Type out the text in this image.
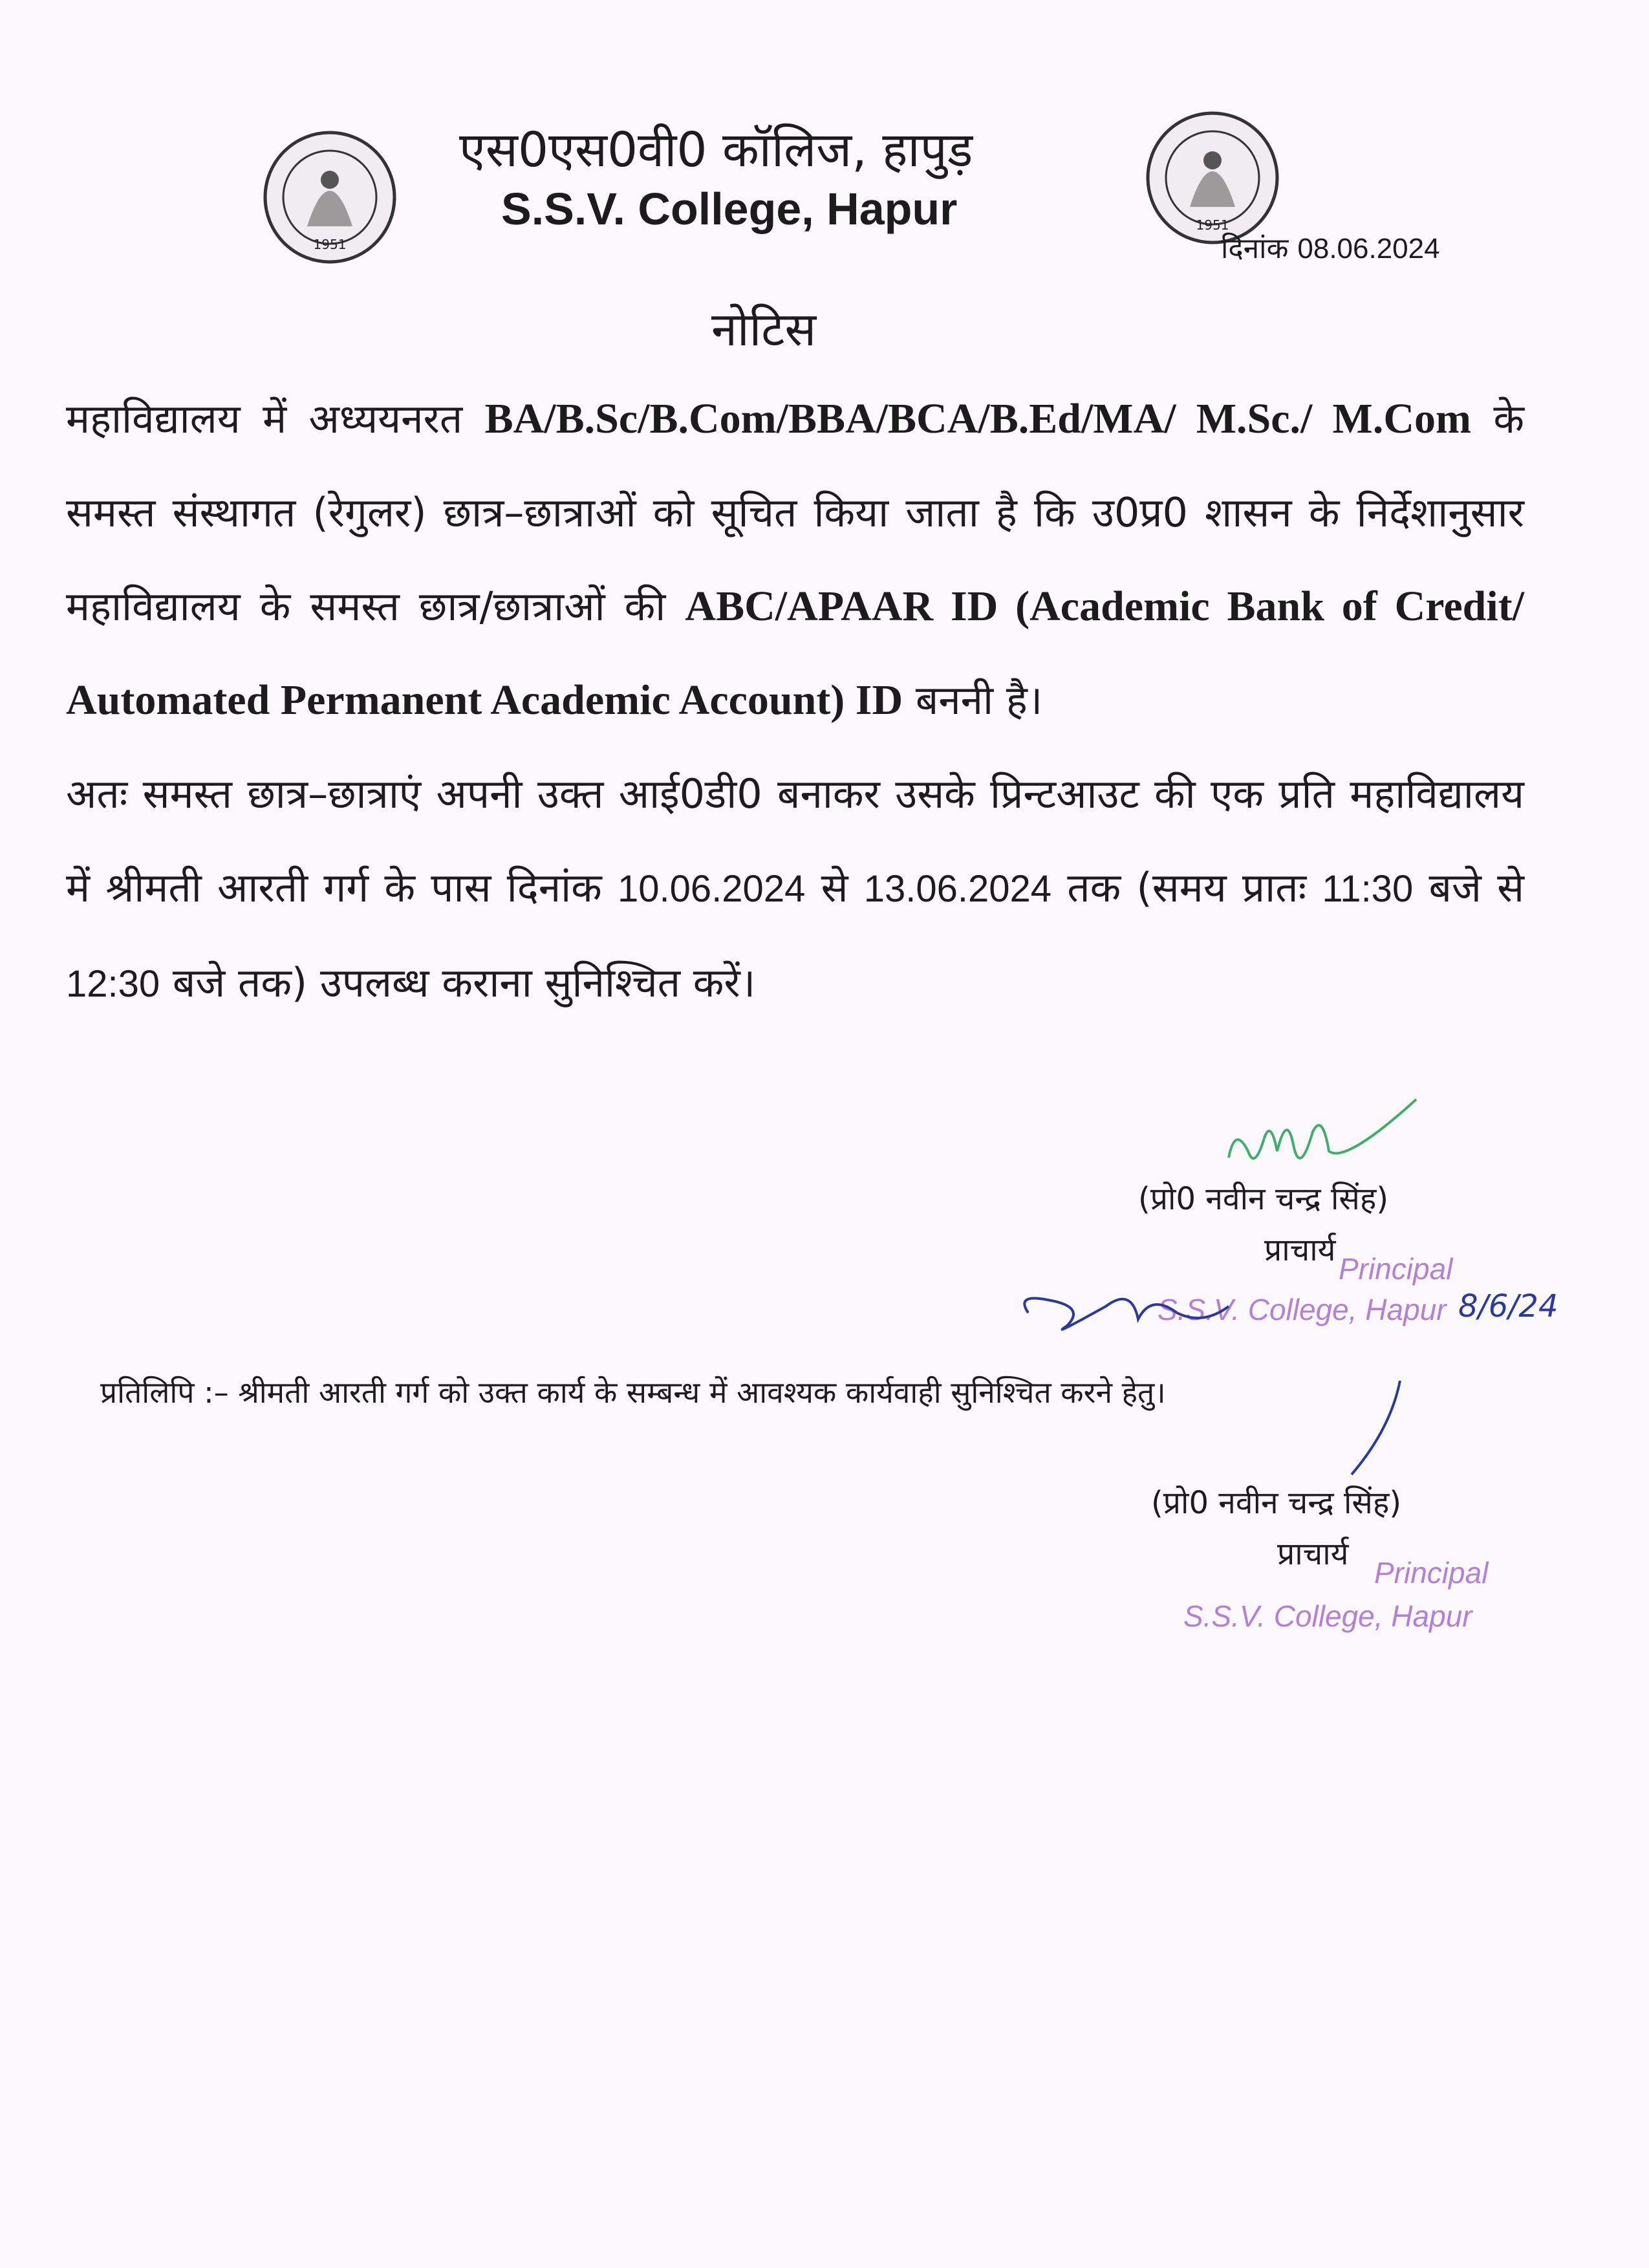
1951
1951
एस0एस0वी0 कॉलिज, हापुड़
S.S.V. College, Hapur
दिनांक 08.06.2024
नोटिस
महाविद्यालय में अध्ययनरत BA/B.Sc/B.Com/BBA/BCA/B.Ed/MA/ M.Sc./ M.Com के समस्त संस्थागत (रेगुलर) छात्र–छात्राओं को सूचित किया जाता है कि उ0प्र0 शासन के निर्देशानुसार महाविद्यालय के समस्त छात्र/छात्राओं की ABC/APAAR ID (Academic Bank of Credit/ Automated Permanent Academic Account) ID बननी है।
अतः समस्त छात्र–छात्राएं अपनी उक्त आई0डी0 बनाकर उसके प्रिन्टआउट की एक प्रति महाविद्यालय में श्रीमती आरती गर्ग के पास दिनांक 10.06.2024 से 13.06.2024 तक (समय प्रातः 11:30 बजे से 12:30 बजे तक) उपलब्ध कराना सुनिश्चित करें।
(प्रो0 नवीन चन्द्र सिंह)
प्राचार्य
Principal
S.S.V. College, Hapur 8/6/24
प्रतिलिपि :– श्रीमती आरती गर्ग को उक्त कार्य के सम्बन्ध में आवश्यक कार्यवाही सुनिश्चित करने हेतु।
(प्रो0 नवीन चन्द्र सिंह)
प्राचार्य
Principal
S.S.V. College, Hapur
